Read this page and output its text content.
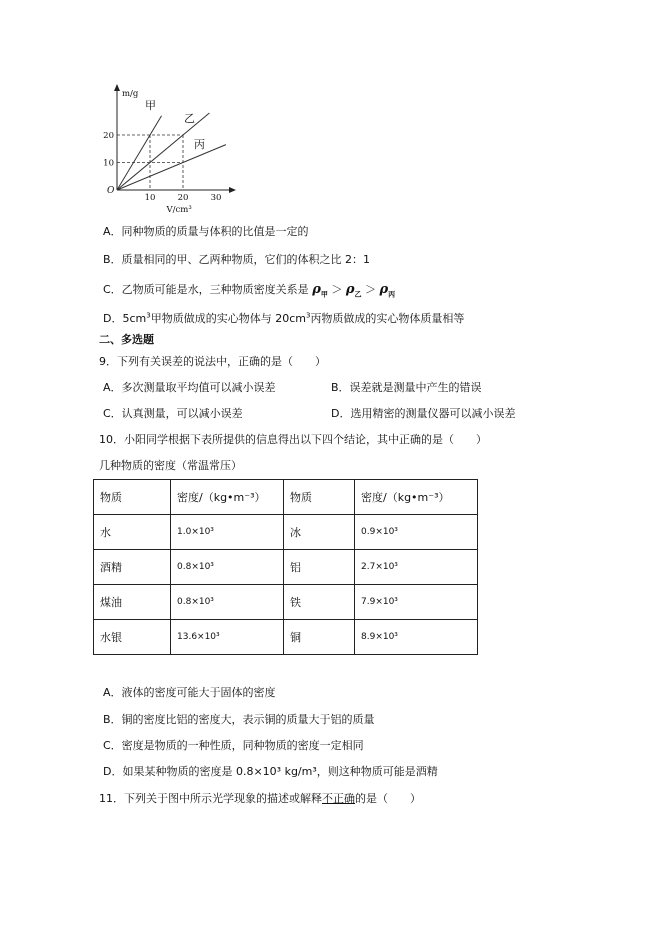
甲
乙
丙
20
10
10	20	30
O
m/g
V/cm³
A．同种物质的质量与体积的比值是一定的
B．质量相同的甲、乙两种物质，它们的体积之比 2：1
C．乙物质可能是水，三种物质密度关系是 $\rho_甲 > \rho_乙 > \rho_丙$
D．$5cm^3$甲物质做成的实心物体与 $20cm^3$丙物质做成的实心物体质量相等
二、多选题
9．下列有关误差的说法中，正确的是（　　）
A．多次测量取平均值可以减小误差	B．误差就是测量中产生的错误
C．认真测量，可以减小误差	D．选用精密的测量仪器可以减小误差
10．小阳同学根据下表所提供的信息得出以下四个结论，其中正确的是（　　）
几种物质的密度（常温常压）
物质	密度/（kg•m⁻³）	物质	密度/（kg•m⁻³）
水	1.0×10³	冰	0.9×10³
酒精	0.8×10³	铝	2.7×10³
煤油	0.8×10³	铁	7.9×10³
水银	13.6×10³	铜	8.9×10³
A．液体的密度可能大于固体的密度
B．铜的密度比铝的密度大，表示铜的质量大于铝的质量
C．密度是物质的一种性质，同种物质的密度一定相同
D．如果某种物质的密度是 0.8×10³ kg/m³，则这种物质可能是酒精
11．下列关于图中所示光学现象的描述或解释不正确的是（　　）
